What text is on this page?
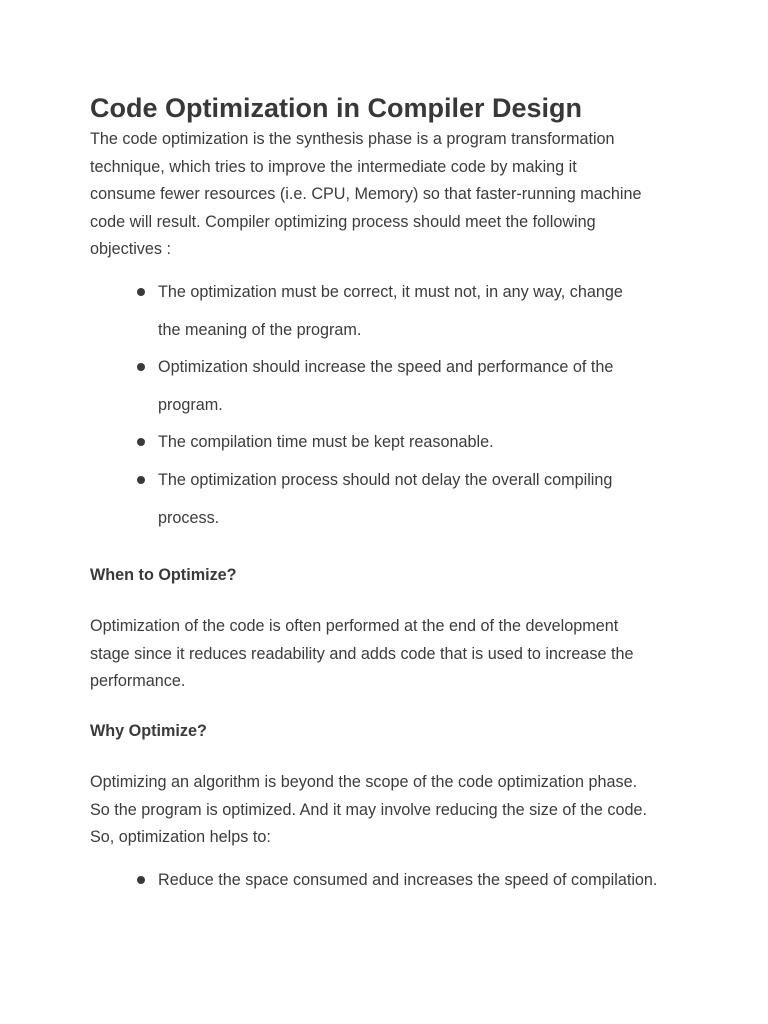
Code Optimization in Compiler Design

The code optimization is the synthesis phase is a program transformation
technique, which tries to improve the intermediate code by making it
consume fewer resources (i.e. CPU, Memory) so that faster-running machine
code will result. Compiler optimizing process should meet the following
objectives :

The optimization must be correct, it must not, in any way, change
the meaning of the program.
Optimization should increase the speed and performance of the
program.
The compilation time must be kept reasonable.
The optimization process should not delay the overall compiling
process.
When to Optimize?

Optimization of the code is often performed at the end of the development
stage since it reduces readability and adds code that is used to increase the
performance.

Why Optimize?

Optimizing an algorithm is beyond the scope of the code optimization phase.
So the program is optimized. And it may involve reducing the size of the code.
So, optimization helps to:

Reduce the space consumed and increases the speed of compilation.
